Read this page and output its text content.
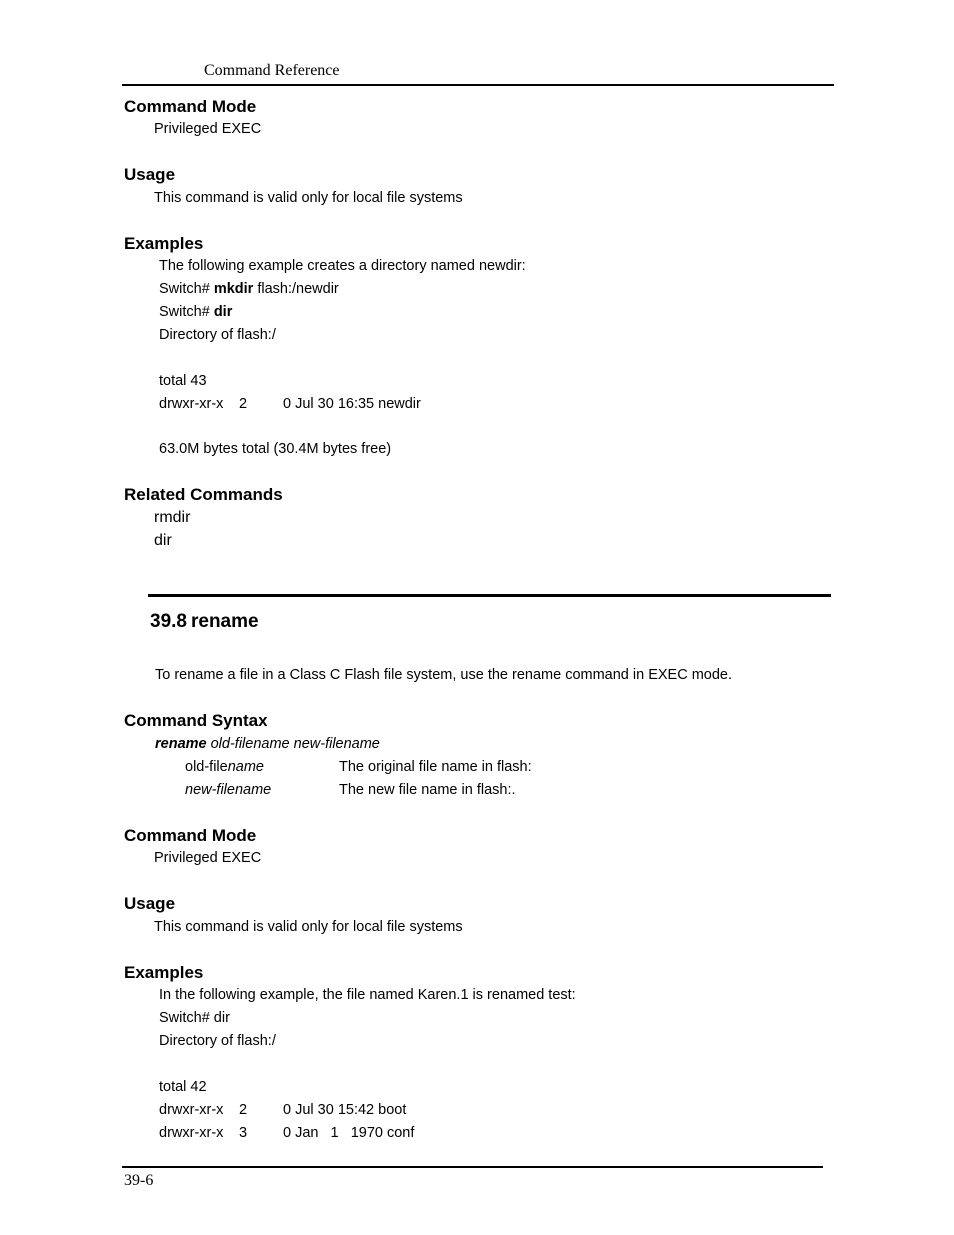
Command Reference
Command Mode
Privileged EXEC
Usage
This command is valid only for local file systems
Examples
The following example creates a directory named newdir:
Switch# mkdir flash:/newdir
Switch# dir
Directory of flash:/
total 43
drwxr-xr-x 2 0 Jul 30 16:35 newdir
63.0M bytes total (30.4M bytes free)
Related Commands
rmdir
dir
39.8 rename
To rename a file in a Class C Flash file system, use the rename command in EXEC mode.
Command Syntax
rename old-filename new-filename
old-filename	The original file name in flash:
new-filename	The new file name in flash:.
Command Mode
Privileged EXEC
Usage
This command is valid only for local file systems
Examples
In the following example, the file named Karen.1 is renamed test:
Switch# dir
Directory of flash:/
total 42
drwxr-xr-x 2 0 Jul 30 15:42 boot
drwxr-xr-x 3 0 Jan   1   1970 conf
39-6
